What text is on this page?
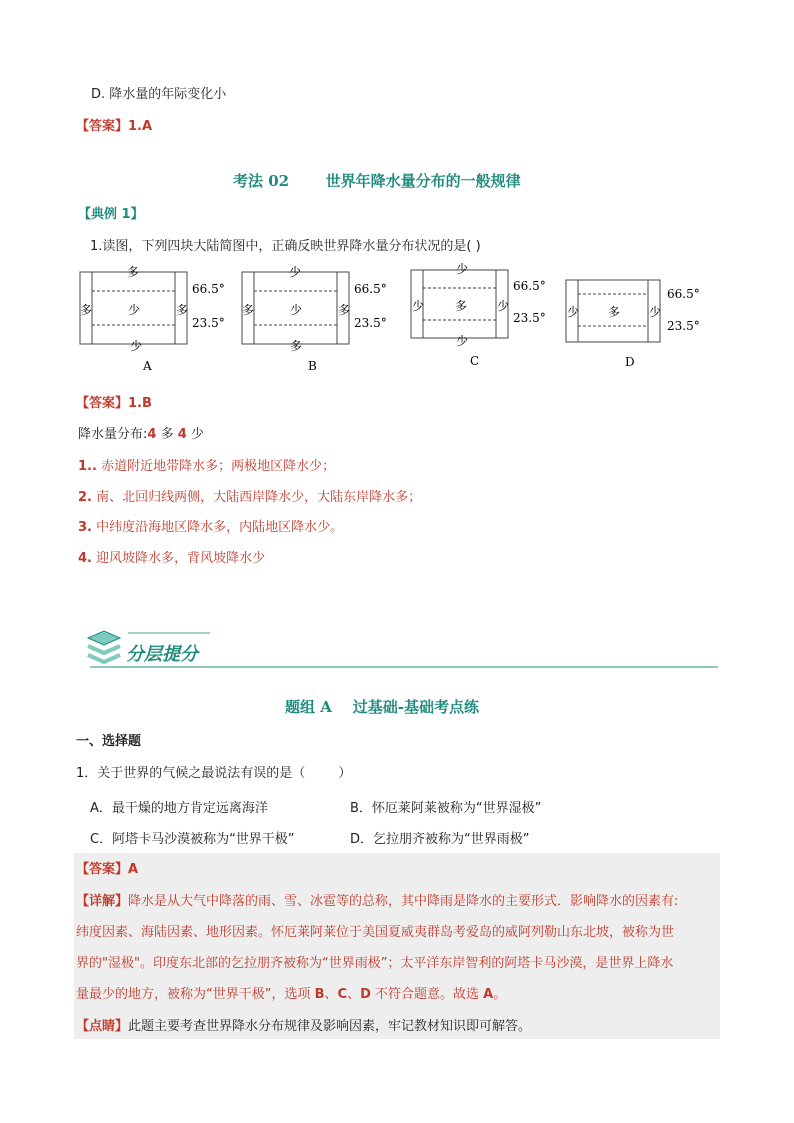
D. 降水量的年际变化小
【答案】1.A
考法 02 世界年降水量分布的一般规律
【典例 1】
1.读图，下列四块大陆简图中，正确反映世界降水量分布状况的是( )
多
多	少	多
少
66.5°
23.5°
A
少
多	少	多
多
66.5°
23.5°
B
少
少	多 少
少
66.5°
23.5°
C
少 多 少
66.5°
23.5°
D
【答案】1.B
降水量分布:4 多 4 少
1.. 赤道附近地带降水多；两极地区降水少；
2. 南、北回归线两侧，大陆西岸降水少，大陆东岸降水多；
3. 中纬度沿海地区降水多，内陆地区降水少。
4. 迎风坡降水多，背风坡降水少
分层提分
题组 A    过基础-基础考点练
一、选择题
1．关于世界的气候之最说法有误的是（        ）
A．最干燥的地方肯定远离海洋	B．怀厄莱阿莱被称为“世界湿极”
C．阿塔卡马沙漠被称为“世界干极”	D．乞拉朋齐被称为“世界雨极”
【答案】A
【详解】降水是从大气中降落的雨、雪、冰雹等的总称，其中降雨是降水的主要形式．影响降水的因素有:
纬度因素、海陆因素、地形因素。怀厄莱阿莱位于美国夏威夷群岛考爱岛的威阿列勒山东北坡，被称为世
界的"湿极"。印度东北部的乞拉朋齐被称为“世界雨极”；太平洋东岸智利的阿塔卡马沙漠，是世界上降水
量最少的地方，被称为“世界干极”，选项 B、C、D 不符合题意。故选 A。
【点睛】此题主要考查世界降水分布规律及影响因素，牢记教材知识即可解答。
